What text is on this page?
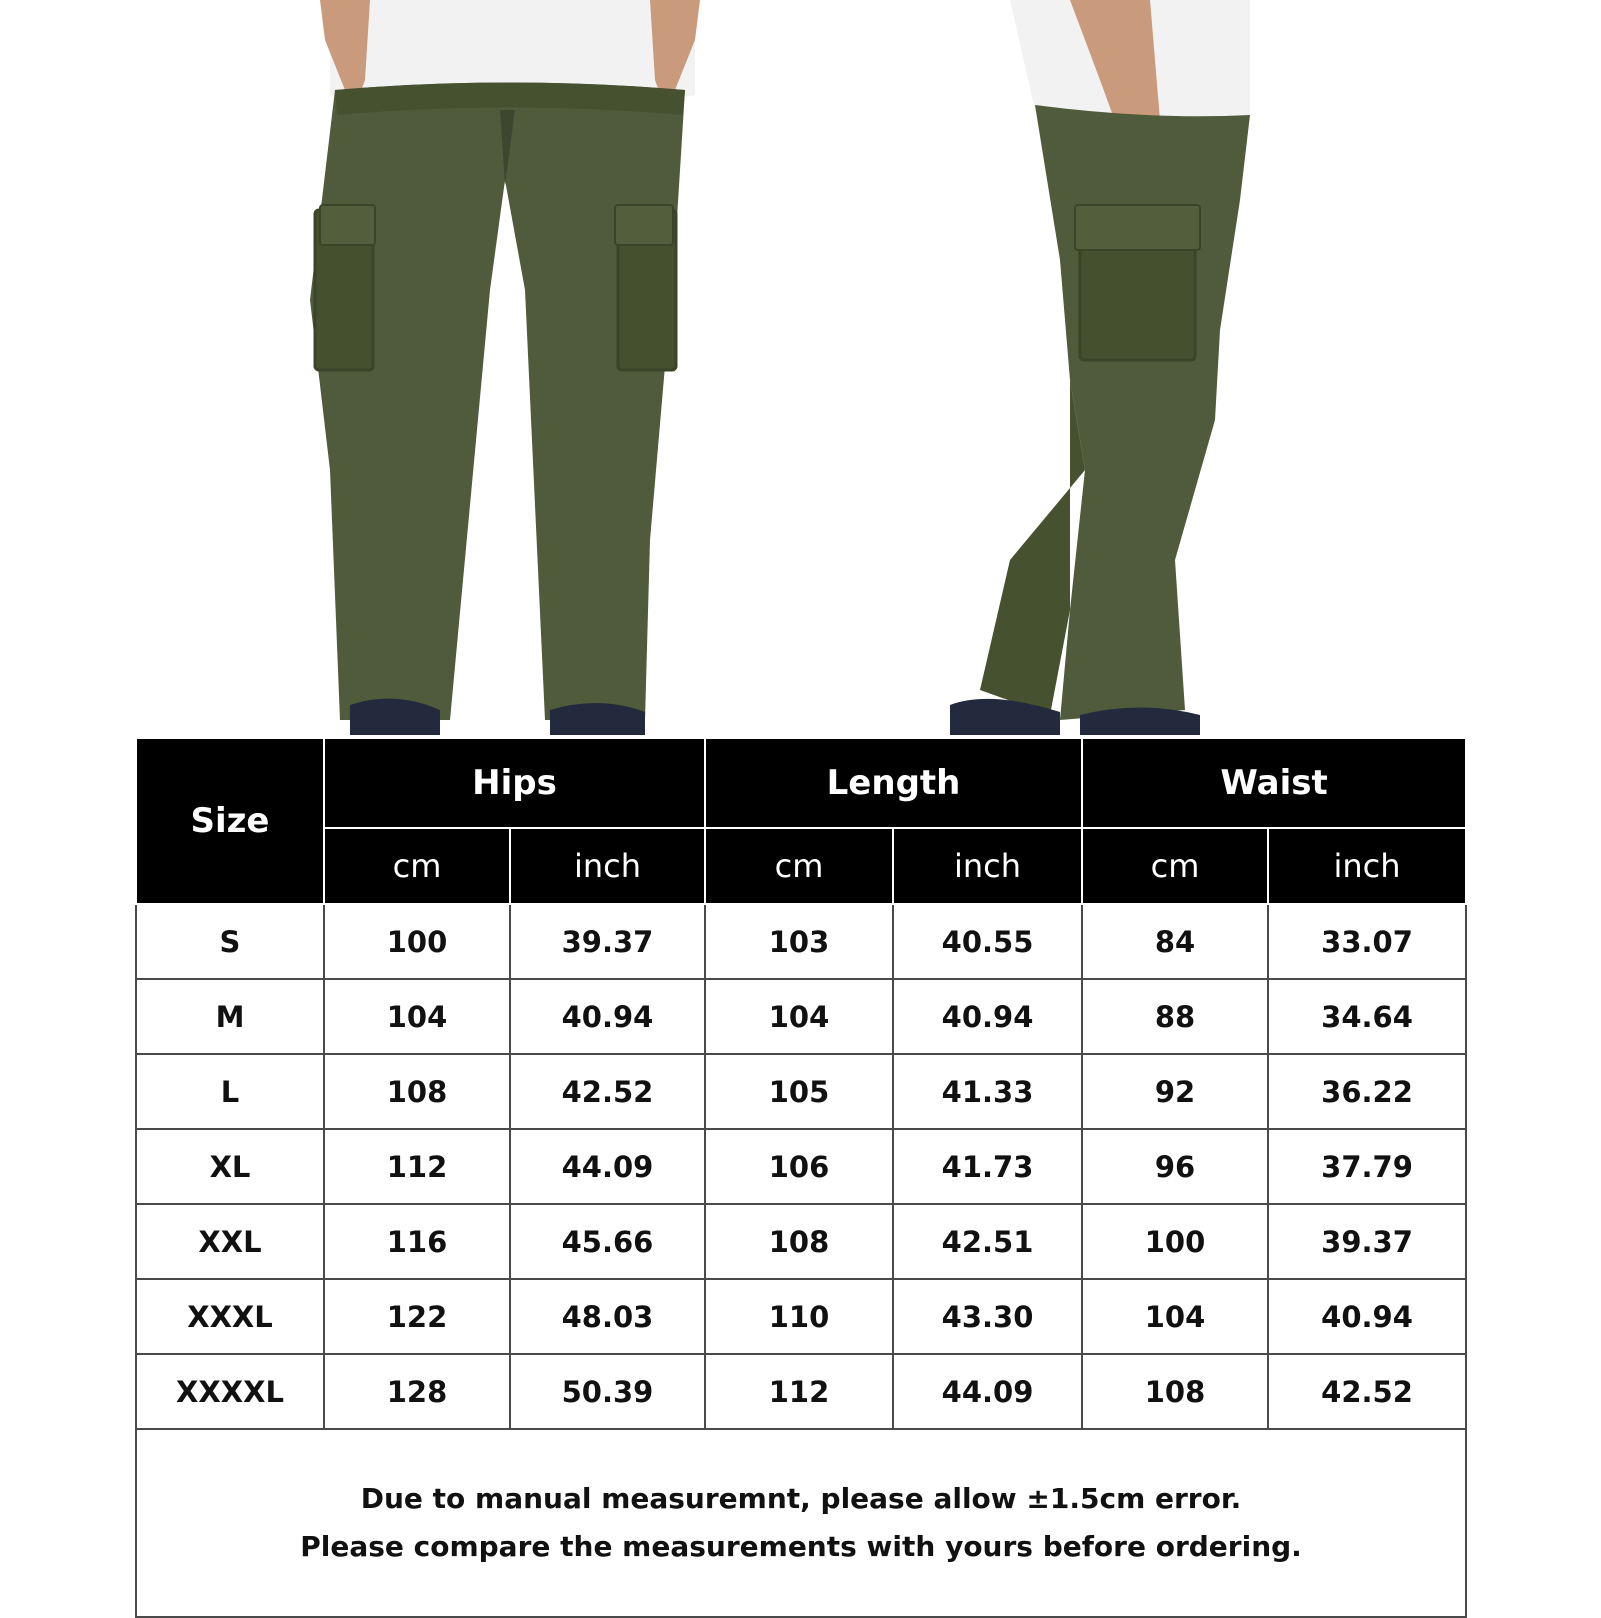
Size	Hips		Length		Waist	
	cm	inch	cm	inch	cm	inch
S	100	39.37	103	40.55	84	33.07
M	104	40.94	104	40.94	88	34.64
L	108	42.52	105	41.33	92	36.22
XL	112	44.09	106	41.73	96	37.79
XXL	116	45.66	108	42.51	100	39.37
XXXL	122	48.03	110	43.30	104	40.94
XXXXL	128	50.39	112	44.09	108	42.52

Due to manual measuremnt, please allow ±1.5cm error.
Please compare the measurements with yours before ordering.						
